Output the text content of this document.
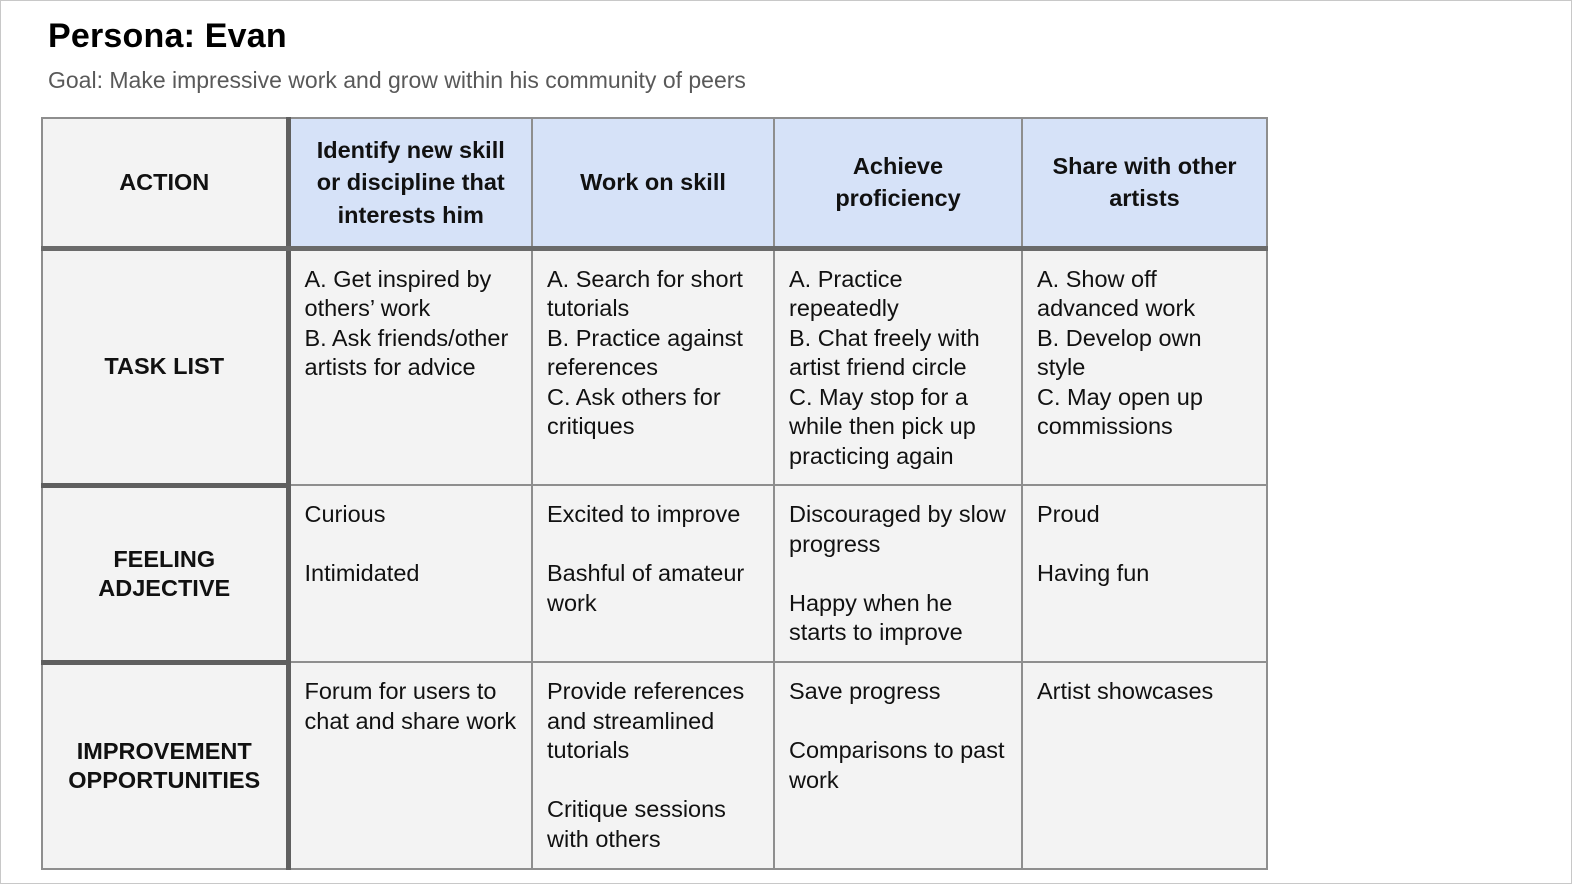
Persona: Evan
Goal: Make impressive work and grow within his community of peers
ACTION	Identify new skill or discipline that interests him	Work on skill	Achieve proficiency	Share with other artists
TASK LIST	A. Get inspired by others’ work
B. Ask friends/other artists for advice	A. Search for short tutorials
B. Practice against references
C. Ask others for critiques	A. Practice repeatedly
B. Chat freely with artist friend circle
C. May stop for a while then pick up practicing again	A. Show off advanced work
B. Develop own style
C. May open up commissions

FEELING ADJECTIVE	Curious
Intimidated	Excited to improve
Bashful of amateur work	Discouraged by slow progress
Happy when he starts to improve	Proud
Having fun

IMPROVEMENT OPPORTUNITIES	Forum for users to chat and share work	Provide references and streamlined tutorials
Critique sessions with others	Save progress
Comparisons to past work	Artist showcases
